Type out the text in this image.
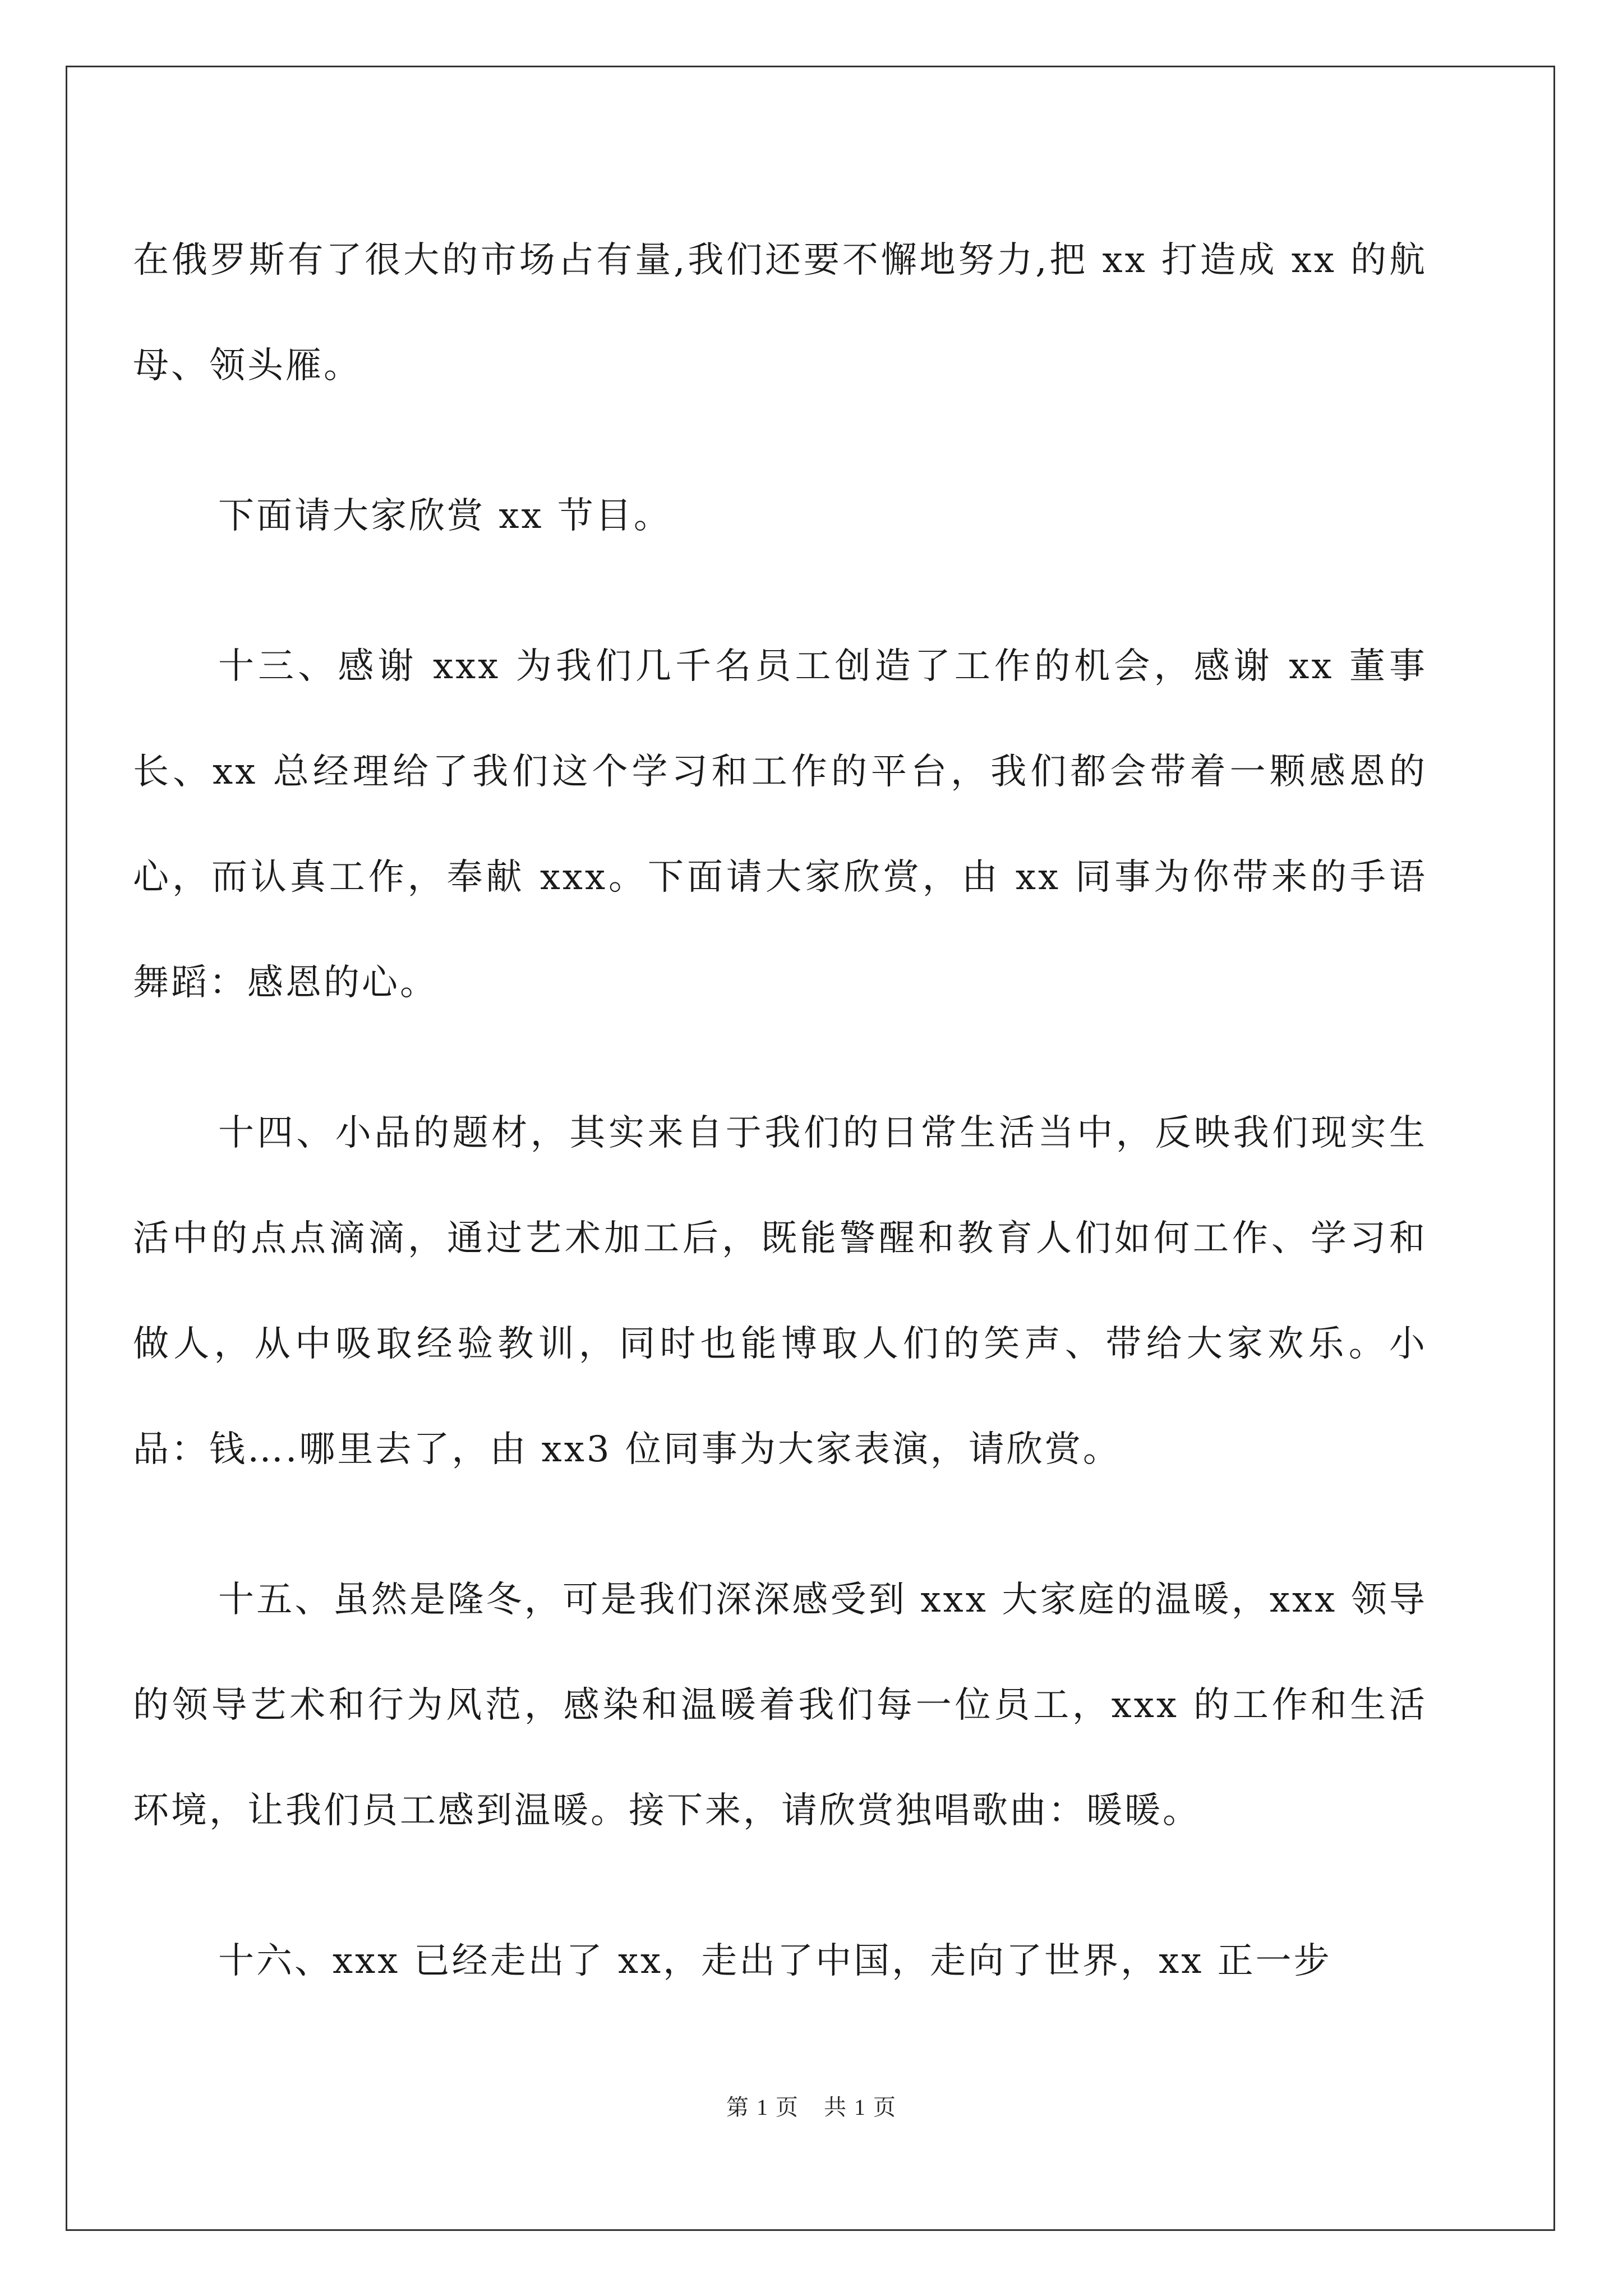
在俄罗斯有了很大的市场占有量,我们还要不懈地努力,把 xx 打造成 xx 的航母、领头雁。

下面请大家欣赏 xx 节目。

十三、感谢 xxx 为我们几千名员工创造了工作的机会，感谢 xx 董事长、xx 总经理给了我们这个学习和工作的平台，我们都会带着一颗感恩的心，而认真工作，奉献 xxx。下面请大家欣赏，由 xx 同事为你带来的手语舞蹈：感恩的心。

十四、小品的题材，其实来自于我们的日常生活当中，反映我们现实生活中的点点滴滴，通过艺术加工后，既能警醒和教育人们如何工作、学习和做人，从中吸取经验教训，同时也能博取人们的笑声、带给大家欢乐。小品：钱….哪里去了，由 xx3 位同事为大家表演，请欣赏。

十五、虽然是隆冬，可是我们深深感受到 xxx 大家庭的温暖，xxx 领导的领导艺术和行为风范，感染和温暖着我们每一位员工，xxx 的工作和生活环境，让我们员工感到温暖。接下来，请欣赏独唱歌曲：暖暖。

十六、xxx 已经走出了 xx，走出了中国，走向了世界，xx 正一步

第 1 页 共 1 页
